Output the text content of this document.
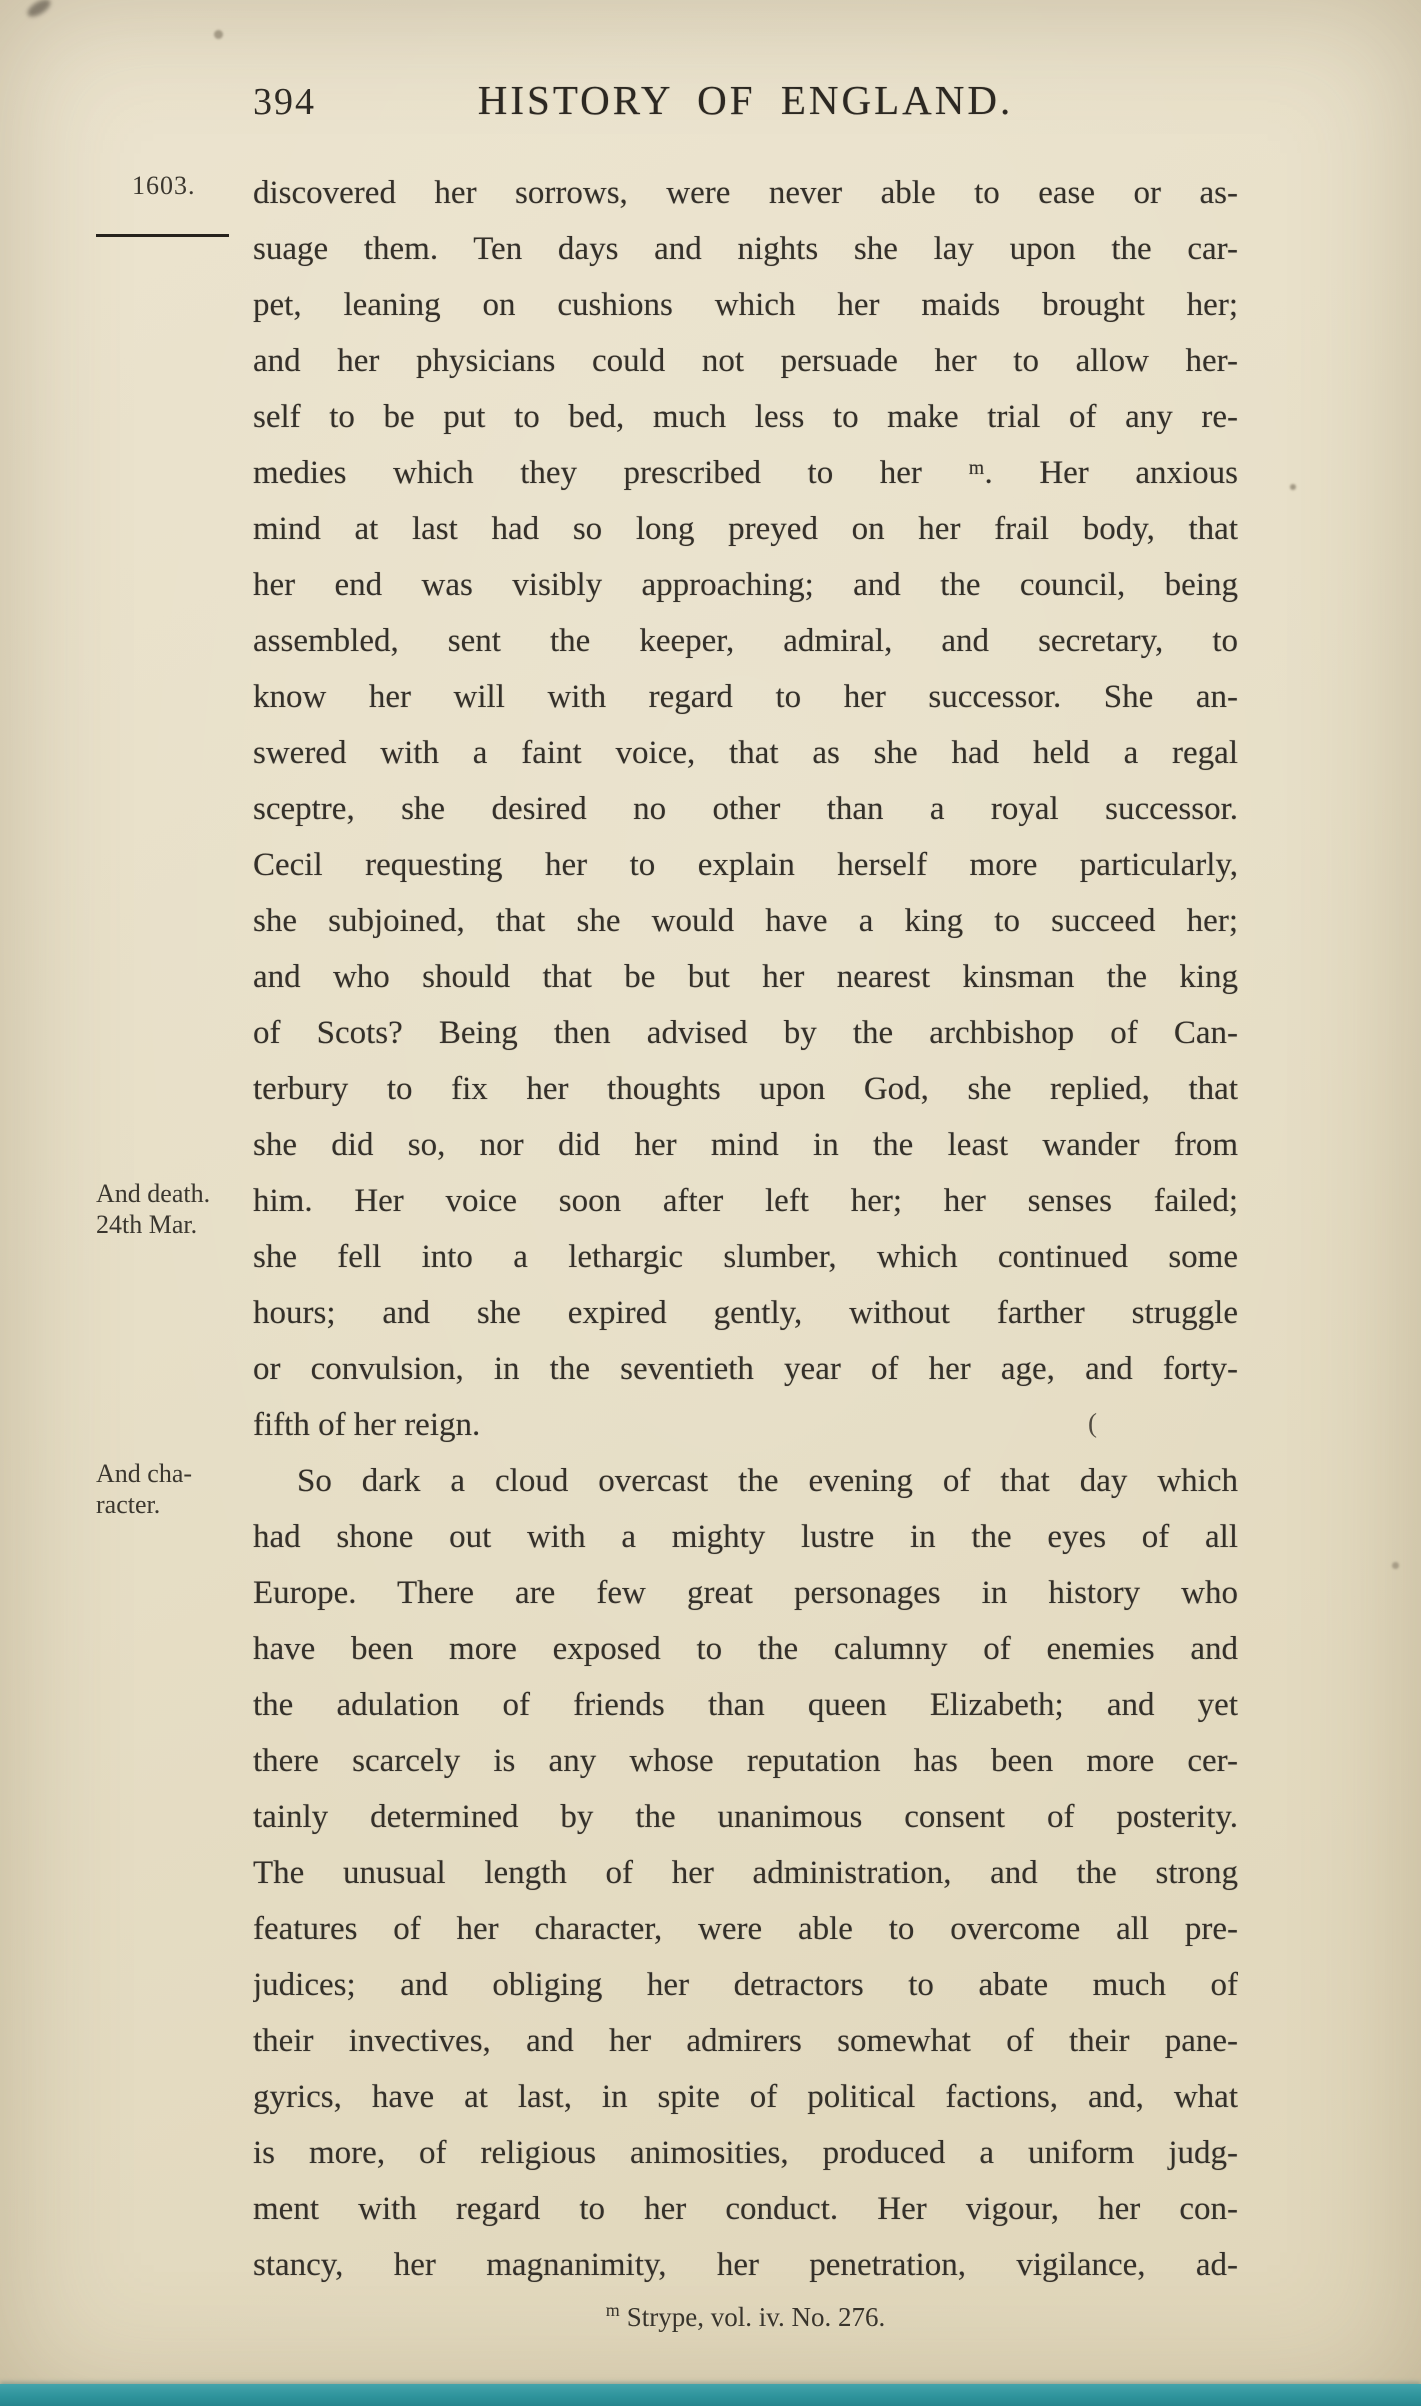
394	HISTORY OF ENGLAND.
1603.
And death.
24th Mar.
And cha-
racter.
discovered her sorrows, were never able to ease or as-
suage them. Ten days and nights she lay upon the car-
pet, leaning on cushions which her maids brought her;
and her physicians could not persuade her to allow her-
self to be put to bed, much less to make trial of any re-
medies which they prescribed to her ᵐ. Her anxious
mind at last had so long preyed on her frail body, that
her end was visibly approaching; and the council, being
assembled, sent the keeper, admiral, and secretary, to
know her will with regard to her successor. She an-
swered with a faint voice, that as she had held a regal
sceptre, she desired no other than a royal successor.
Cecil requesting her to explain herself more particularly,
she subjoined, that she would have a king to succeed her;
and who should that be but her nearest kinsman the king
of Scots? Being then advised by the archbishop of Can-
terbury to fix her thoughts upon God, she replied, that
she did so, nor did her mind in the least wander from
him. Her voice soon after left her; her senses failed;
she fell into a lethargic slumber, which continued some
hours; and she expired gently, without farther struggle
or convulsion, in the seventieth year of her age, and forty-
fifth of her reign.
So dark a cloud overcast the evening of that day which
had shone out with a mighty lustre in the eyes of all
Europe. There are few great personages in history who
have been more exposed to the calumny of enemies and
the adulation of friends than queen Elizabeth; and yet
there scarcely is any whose reputation has been more cer-
tainly determined by the unanimous consent of posterity.
The unusual length of her administration, and the strong
features of her character, were able to overcome all pre-
judices; and obliging her detractors to abate much of
their invectives, and her admirers somewhat of their pane-
gyrics, have at last, in spite of political factions, and, what
is more, of religious animosities, produced a uniform judg-
ment with regard to her conduct. Her vigour, her con-
stancy, her magnanimity, her penetration, vigilance, ad-
$^m$ Strype, vol. iv. No. 276.
(
